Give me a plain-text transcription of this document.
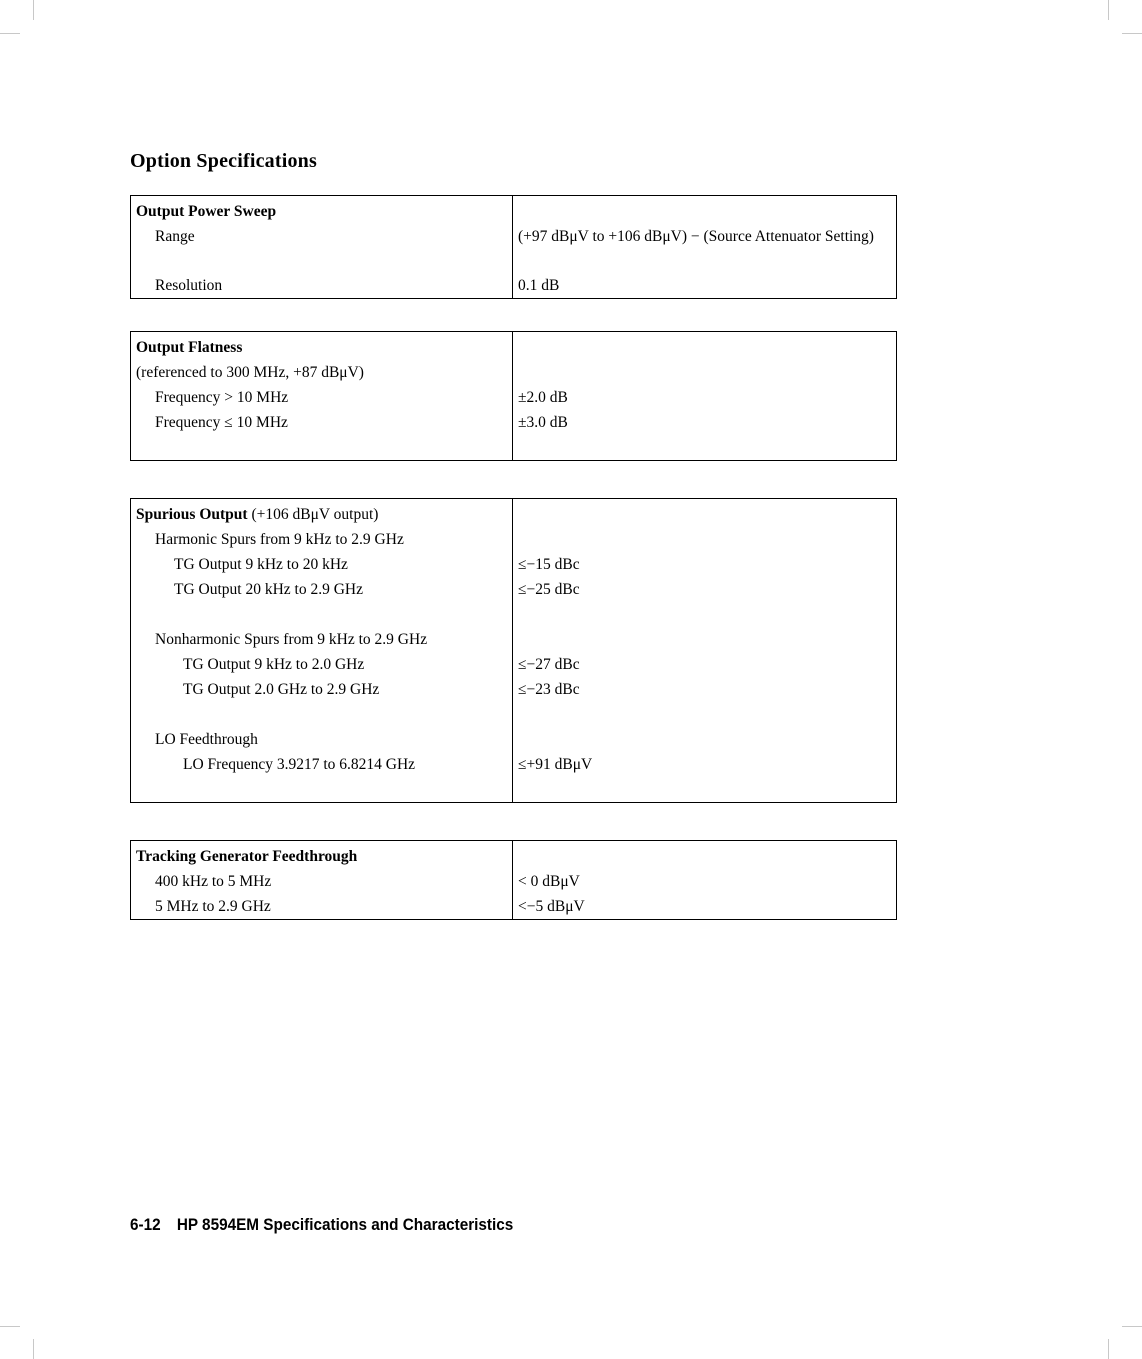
Option Specifications
Output Power Sweep	
Range	(+97 dBμV to +106 dBμV) − (Source Attenuator Setting)
Resolution	0.1 dB
Output Flatness	
(referenced to 300 MHz, +87 dBμV)	
Frequency > 10 MHz	±2.0 dB
Frequency ≤ 10 MHz	±3.0 dB

Spurious Output (+106 dBμV output)	
Harmonic Spurs from 9 kHz to 2.9 GHz	
TG Output 9 kHz to 20 kHz	≤−15 dBc
TG Output 20 kHz to 2.9 GHz	≤−25 dBc

Nonharmonic Spurs from 9 kHz to 2.9 GHz	
TG Output 9 kHz to 2.0 GHz	≤−27 dBc
TG Output 2.0 GHz to 2.9 GHz	≤−23 dBc

LO Feedthrough	
LO Frequency 3.9217 to 6.8214 GHz	≤+91 dBμV

Tracking Generator Feedthrough	
400 kHz to 5 MHz	< 0 dBμV
5 MHz to 2.9 GHz	<−5 dBμV
6-12 HP 8594EM Specifications and Characteristics
